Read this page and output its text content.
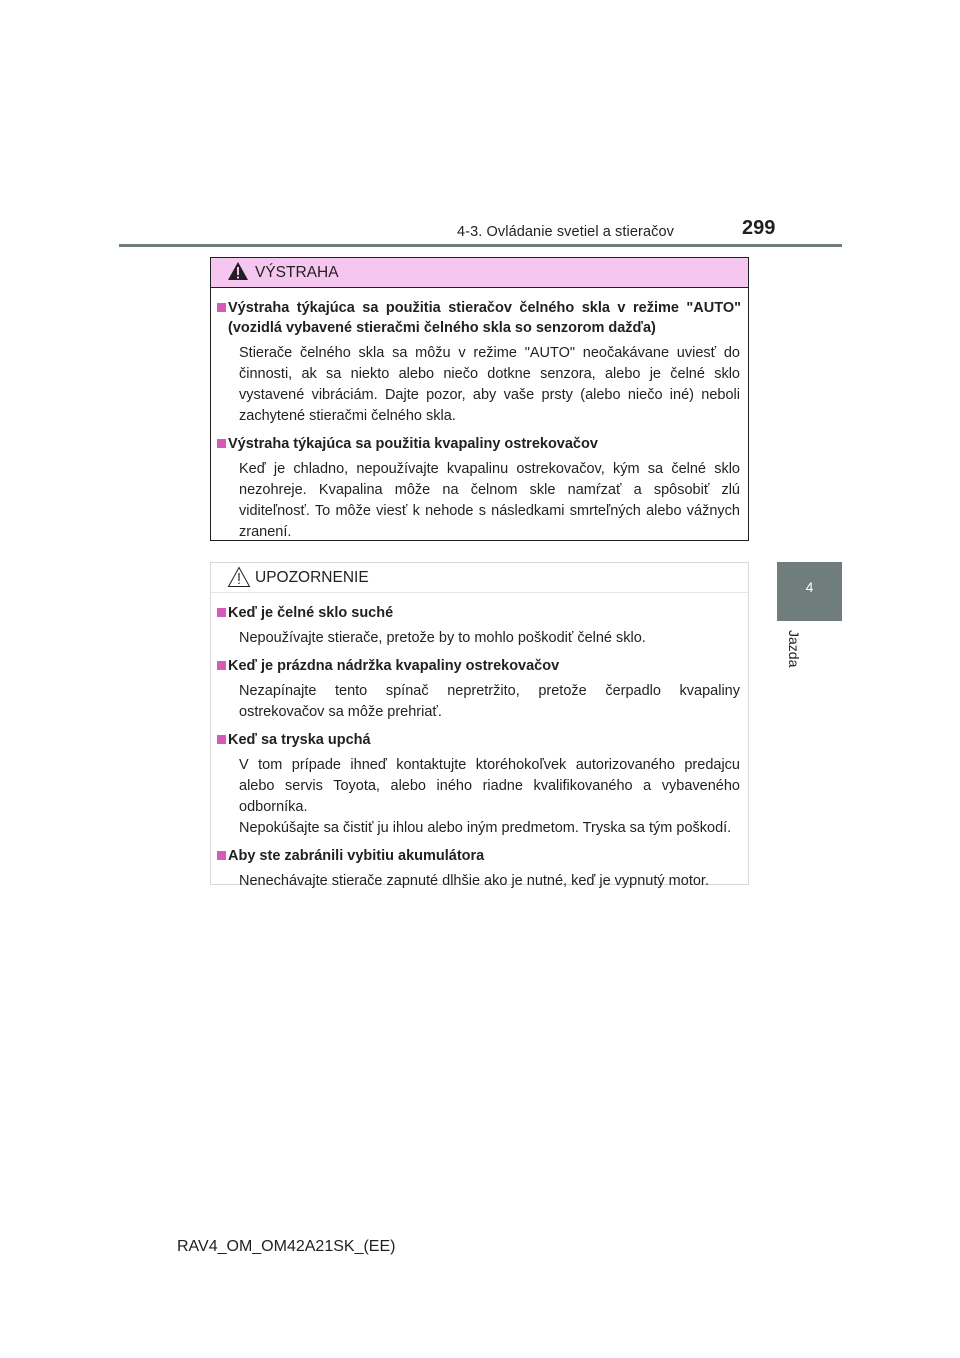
4-3. Ovládanie svetiel a stieračov	299
4
Jazda
VÝSTRAHA
Výstraha týkajúca sa použitia stieračov čelného skla v režime "AUTO" (vozidlá vybavené stieračmi čelného skla so senzorom dažďa)
Stierače čelného skla sa môžu v režime "AUTO" neočakávane uviesť do činnosti, ak sa niekto alebo niečo dotkne senzora, alebo je čelné sklo vystavené vibráciám. Dajte pozor, aby vaše prsty (alebo niečo iné) neboli zachytené stieračmi čelného skla.
Výstraha týkajúca sa použitia kvapaliny ostrekovačov
Keď je chladno, nepoužívajte kvapalinu ostrekovačov, kým sa čelné sklo nezohreje. Kvapalina môže na čelnom skle namŕzať a spôsobiť zlú viditeľnosť. To môže viesť k nehode s následkami smrteľných alebo vážnych zranení.
UPOZORNENIE
Keď je čelné sklo suché
Nepoužívajte stierače, pretože by to mohlo poškodiť čelné sklo.
Keď je prázdna nádržka kvapaliny ostrekovačov
Nezapínajte tento spínač nepretržito, pretože čerpadlo kvapaliny ostrekovačov sa môže prehriať.
Keď sa tryska upchá
V tom prípade ihneď kontaktujte ktoréhokoľvek autorizovaného predajcu alebo servis Toyota, alebo iného riadne kvalifikovaného a vybaveného odborníka.
Nepokúšajte sa čistiť ju ihlou alebo iným predmetom. Tryska sa tým poškodí.
Aby ste zabránili vybitiu akumulátora
Nenechávajte stierače zapnuté dlhšie ako je nutné, keď je vypnutý motor.
RAV4_OM_OM42A21SK_(EE)
